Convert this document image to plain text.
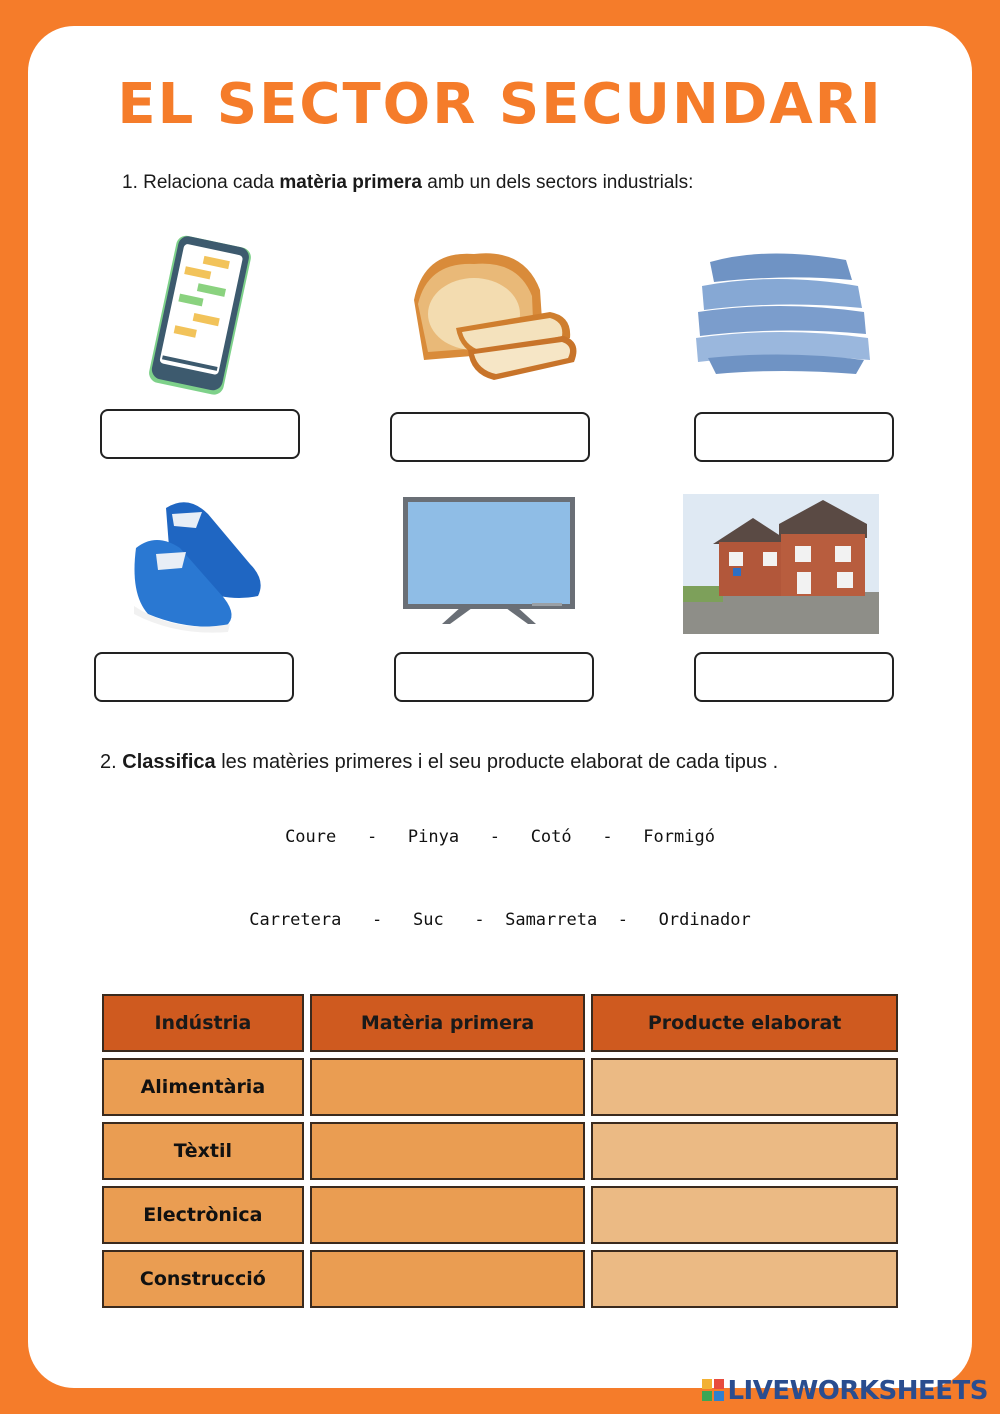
EL SECTOR SECUNDARI
1. Relaciona cada matèria primera amb un dels sectors industrials:
2. Classifica les matèries primeres i el seu producte elaborat de cada tipus .
Coure   -   Pinya   -   Cotó   -   Formigó
Carretera   -   Suc   -  Samarreta  -   Ordinador
Indústria	Matèria primera	Producte elaborat
Alimentària		
Tèxtil		
Electrònica		
Construcció		
LIVEWORKSHEETS
